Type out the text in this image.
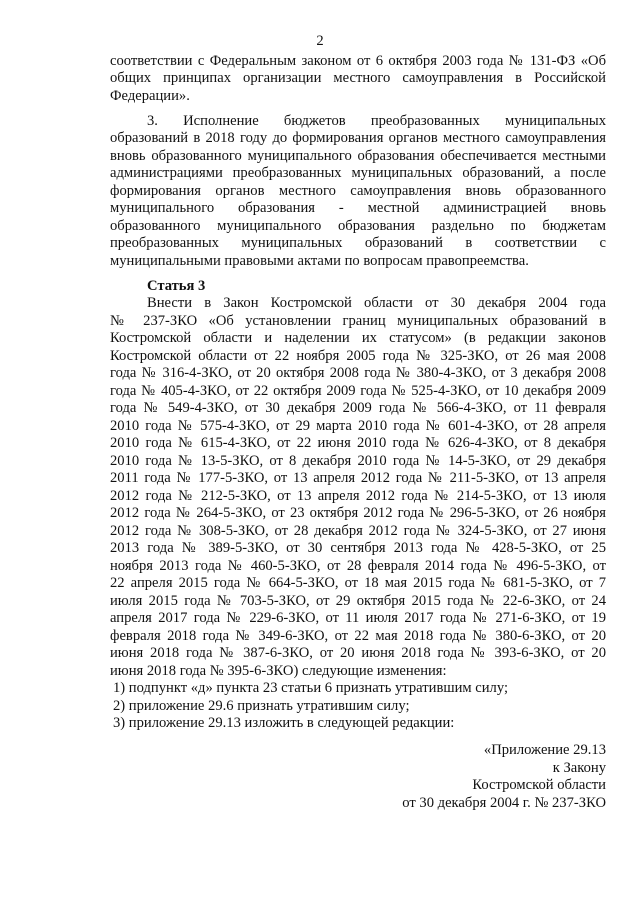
2
соответствии с Федеральным законом от 6 октября 2003 года № 131-ФЗ «Об
общих принципах организации местного самоуправления в Российской
Федерации».
3. Исполнение бюджетов преобразованных муниципальных
образований в 2018 году до формирования органов местного самоуправления
вновь образованного муниципального образования обеспечивается местными
администрациями преобразованных муниципальных образований, а после
формирования органов местного самоуправления вновь образованного
муниципального образования - местной администрацией вновь
образованного муниципального образования раздельно по бюджетам
преобразованных муниципальных образований в соответствии с
муниципальными правовыми актами по вопросам правопреемства.
Статья 3
Внести в Закон Костромской области от 30 декабря 2004 года
№ 237-ЗКО «Об установлении границ муниципальных образований в
Костромской области и наделении их статусом» (в редакции законов
Костромской области от 22 ноября 2005 года № 325-ЗКО, от 26 мая 2008
года № 316-4-ЗКО, от 20 октября 2008 года № 380-4-ЗКО, от 3 декабря 2008
года № 405-4-ЗКО, от 22 октября 2009 года № 525-4-ЗКО, от 10 декабря 2009
года № 549-4-ЗКО, от 30 декабря 2009 года № 566-4-ЗКО, от 11 февраля
2010 года № 575-4-ЗКО, от 29 марта 2010 года № 601-4-ЗКО, от 28 апреля
2010 года № 615-4-ЗКО, от 22 июня 2010 года № 626-4-ЗКО, от 8 декабря
2010 года № 13-5-ЗКО, от 8 декабря 2010 года № 14-5-ЗКО, от 29 декабря
2011 года № 177-5-ЗКО, от 13 апреля 2012 года № 211-5-ЗКО, от 13 апреля
2012 года № 212-5-ЗКО, от 13 апреля 2012 года № 214-5-ЗКО, от 13 июля
2012 года № 264-5-ЗКО, от 23 октября 2012 года № 296-5-ЗКО, от 26 ноября
2012 года № 308-5-ЗКО, от 28 декабря 2012 года № 324-5-ЗКО, от 27 июня
2013 года № 389-5-ЗКО, от 30 сентября 2013 года № 428-5-ЗКО, от 25
ноября 2013 года № 460-5-ЗКО, от 28 февраля 2014 года № 496-5-ЗКО, от
22 апреля 2015 года № 664-5-ЗКО, от 18 мая 2015 года № 681-5-ЗКО, от 7
июля 2015 года № 703-5-ЗКО, от 29 октября 2015 года № 22-6-ЗКО, от 24
апреля 2017 года № 229-6-ЗКО, от 11 июля 2017 года № 271-6-ЗКО, от 19
февраля 2018 года № 349-6-ЗКО, от 22 мая 2018 года № 380-6-ЗКО, от 20
июня 2018 года № 387-6-ЗКО, от 20 июня 2018 года № 393-6-ЗКО, от 20
июня 2018 года № 395-6-ЗКО) следующие изменения:
1) подпункт «д» пункта 23 статьи 6 признать утратившим силу;
2) приложение 29.6 признать утратившим силу;
3) приложение 29.13 изложить в следующей редакции:
«Приложение 29.13
к Закону
Костромской области
от 30 декабря 2004 г. № 237-ЗКО
